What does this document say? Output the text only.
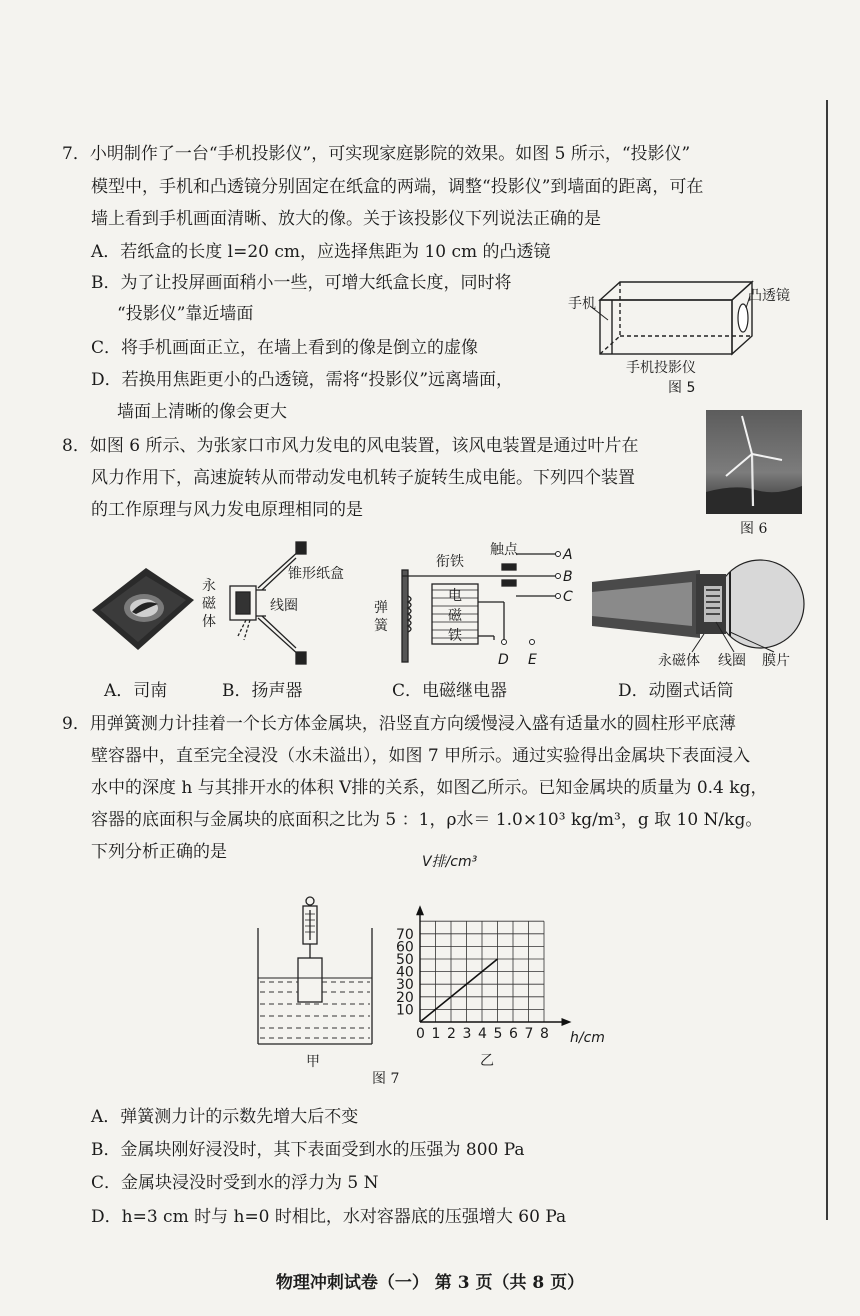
7．小明制作了一台“手机投影仪”，可实现家庭影院的效果。如图 5 所示，“投影仪”
模型中，手机和凸透镜分别固定在纸盒的两端，调整“投影仪”到墙面的距离，可在
墙上看到手机画面清晰、放大的像。关于该投影仪下列说法正确的是
A．若纸盒的长度 l=20 cm，应选择焦距为 10 cm 的凸透镜
B．为了让投屏画面稍小一些，可增大纸盒长度，同时将
“投影仪”靠近墙面
C．将手机画面正立，在墙上看到的像是倒立的虚像
D．若换用焦距更小的凸透镜，需将“投影仪”远离墙面，
墙面上清晰的像会更大
手机	凸透镜
手机投影仪
图 5
8．如图 6 所示、为张家口市风力发电的风电装置，该风电装置是通过叶片在
风力作用下，高速旋转从而带动发电机转子旋转生成电能。下列四个装置
的工作原理与风力发电原理相同的是
图 6
永
磁
体
锥形纸盒
线圈
衔铁
触点
弹
簧
电
磁
铁
A
B
C
D E	永磁体 线圈 膜片
A．司南	B．扬声器	C．电磁继电器	D．动圈式话筒
9．用弹簧测力计挂着一个长方体金属块，沿竖直方向缓慢浸入盛有适量水的圆柱形平底薄
壁容器中，直至完全浸没（水未溢出），如图 7 甲所示。通过实验得出金属块下表面浸入
水中的深度 h 与其排开水的体积 V排的关系，如图乙所示。已知金属块的质量为 0.4 kg，
容器的底面积与金属块的底面积之比为 5 ：1，ρ水＝ 1.0×10³ kg/m³，g 取 10 N/kg。
下列分析正确的是
甲
0 1 2 3 4 5 6 7 8
10
20
30
40
50
60
70
V排/cm³
h/cm
乙
图 7
A．弹簧测力计的示数先增大后不变
B．金属块刚好浸没时，其下表面受到水的压强为 800 Pa
C．金属块浸没时受到水的浮力为 5 N
D．h=3 cm 时与 h=0 时相比，水对容器底的压强增大 60 Pa
物理冲刺试卷（一） 第 3 页（共 8 页）
